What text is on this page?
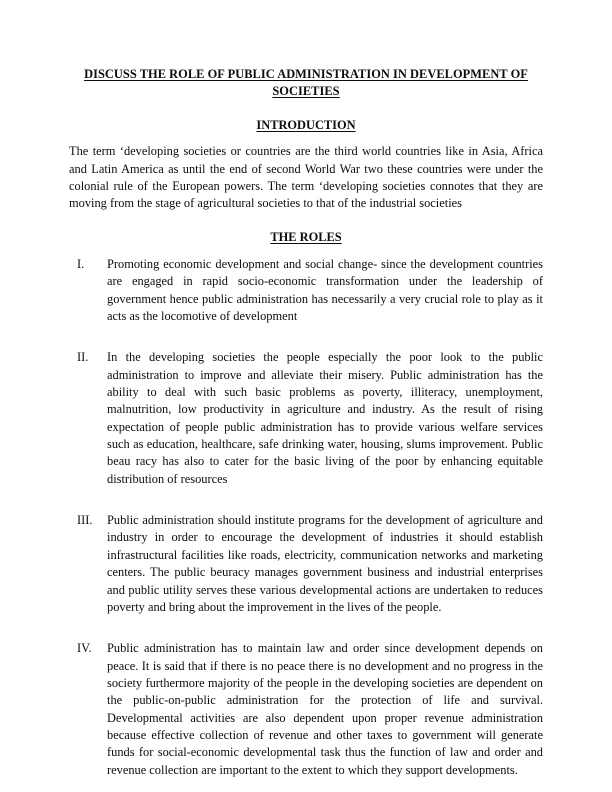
DISCUSS THE ROLE OF PUBLIC ADMINISTRATION IN DEVELOPMENT OF
SOCIETIES
INTRODUCTION

The term ‘developing societies or countries are the third world countries like in Asia, Africa and Latin America as until the end of second World War two these countries were under the colonial rule of the European powers. The term ‘developing societies connotes that they are moving from the stage of agricultural societies to that of the industrial societies

THE ROLES
I.	Promoting economic development and social change- since the development countries are engaged in rapid socio-economic transformation under the leadership of government hence public administration has necessarily a very crucial role to play as it acts as the locomotive of development
II.	In the developing societies the people especially the poor look to the public administration to improve and alleviate their misery. Public administration has the ability to deal with such basic problems as poverty, illiteracy, unemployment, malnutrition, low productivity in agriculture and industry. As the result of rising expectation of people public administration has to provide various welfare services such as education, healthcare, safe drinking water, housing, slums improvement. Public beau racy has also to cater for the basic living of the poor by enhancing equitable distribution of resources
III.	Public administration should institute programs for the development of agriculture and industry in order to encourage the development of industries it should establish infrastructural facilities like roads, electricity, communication networks and marketing centers. The public beuracy manages government business and industrial enterprises and public utility serves these various developmental actions are undertaken to reduces poverty and bring about the improvement in the lives of the people.
IV.	Public administration has to maintain law and order since development depends on peace. It is said that if there is no peace there is no development and no progress in the society furthermore majority of the people in the developing societies are dependent on the public-on-public administration for the protection of life and survival. Developmental activities are also dependent upon proper revenue administration because effective collection of revenue and other taxes to government will generate funds for social-economic developmental task thus the function of law and order and revenue collection are important to the extent to which they support developments.
